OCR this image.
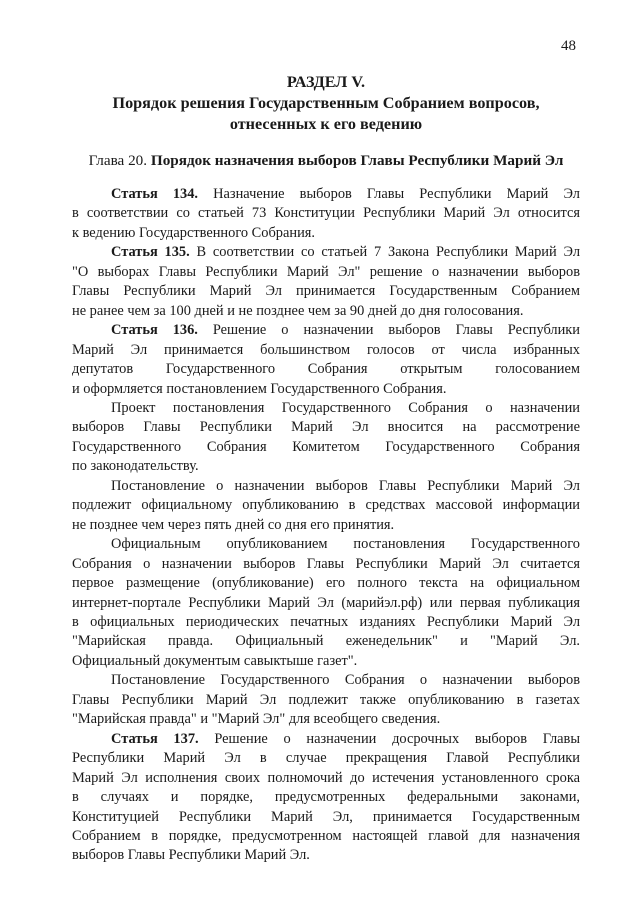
48
РАЗДЕЛ V.
Порядок решения Государственным Собранием вопросов,
отнесенных к его ведению
Глава 20. Порядок назначения выборов Главы Республики Марий Эл
Статья 134. Назначение выборов Главы Республики Марий Эл
в соответствии со статьей 73 Конституции Республики Марий Эл относится
к ведению Государственного Собрания.
Статья 135. В соответствии со статьей 7 Закона Республики Марий Эл
"О выборах Главы Республики Марий Эл" решение о назначении выборов
Главы Республики Марий Эл принимается Государственным Собранием
не ранее чем за 100 дней и не позднее чем за 90 дней до дня голосования.
Статья 136. Решение о назначении выборов Главы Республики
Марий Эл принимается большинством голосов от числа избранных
депутатов Государственного Собрания открытым голосованием
и оформляется постановлением Государственного Собрания.
Проект постановления Государственного Собрания о назначении
выборов Главы Республики Марий Эл вносится на рассмотрение
Государственного Собрания Комитетом Государственного Собрания
по законодательству.
Постановление о назначении выборов Главы Республики Марий Эл
подлежит официальному опубликованию в средствах массовой информации
не позднее чем через пять дней со дня его принятия.
Официальным опубликованием постановления Государственного
Собрания о назначении выборов Главы Республики Марий Эл считается
первое размещение (опубликование) его полного текста на официальном
интернет-портале Республики Марий Эл (марийэл.рф) или первая публикация
в официальных периодических печатных изданиях Республики Марий Эл
"Марийская правда. Официальный еженедельник" и "Марий Эл.
Официальный документым савыктыше газет".
Постановление Государственного Собрания о назначении выборов
Главы Республики Марий Эл подлежит также опубликованию в газетах
"Марийская правда" и "Марий Эл" для всеобщего сведения.
Статья 137. Решение о назначении досрочных выборов Главы
Республики Марий Эл в случае прекращения Главой Республики
Марий Эл исполнения своих полномочий до истечения установленного срока
в случаях и порядке, предусмотренных федеральными законами,
Конституцией Республики Марий Эл, принимается Государственным
Собранием в порядке, предусмотренном настоящей главой для назначения
выборов Главы Республики Марий Эл.
